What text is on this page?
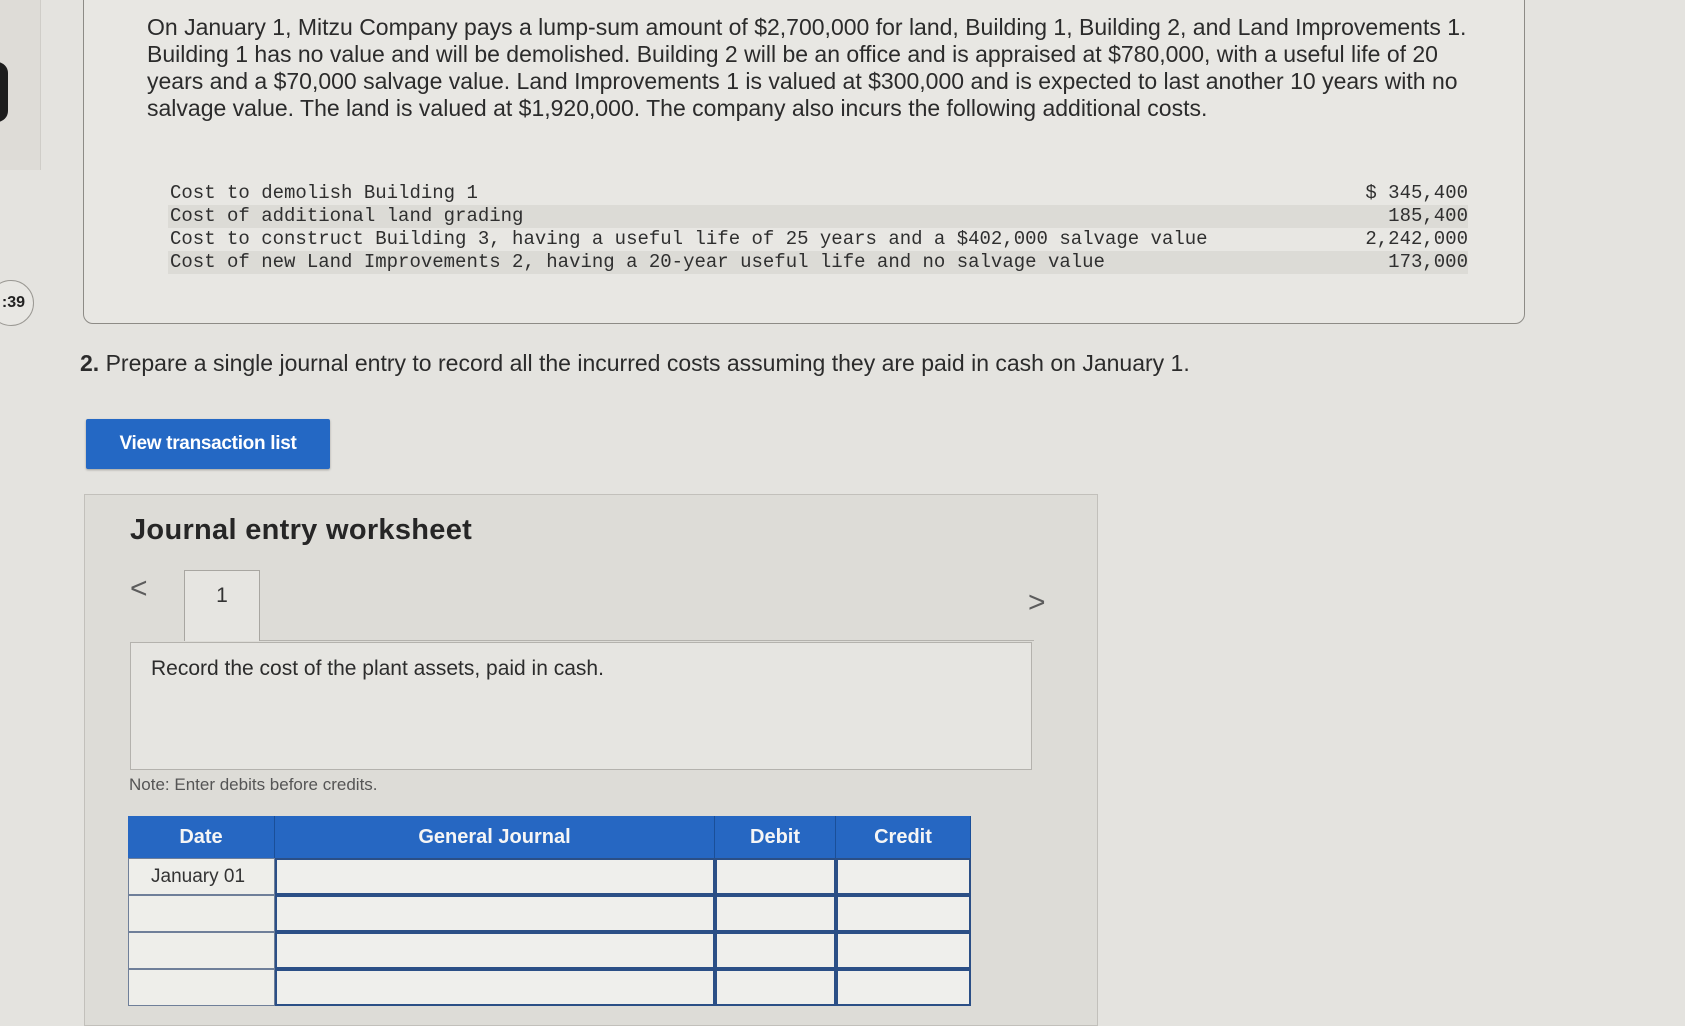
:39
On January 1, Mitzu Company pays a lump-sum amount of $2,700,000 for land, Building 1, Building 2, and Land Improvements 1. Building 1 has no value and will be demolished. Building 2 will be an office and is appraised at $780,000, with a useful life of 20 years and a $70,000 salvage value. Land Improvements 1 is valued at $300,000 and is expected to last another 10 years with no salvage value. The land is valued at $1,920,000. The company also incurs the following additional costs.
Cost to demolish Building 1	$ 345,400
Cost of additional land grading	185,400
Cost to construct Building 3, having a useful life of 25 years and a $402,000 salvage value	2,242,000
Cost of new Land Improvements 2, having a 20-year useful life and no salvage value	173,000
2. Prepare a single journal entry to record all the incurred costs assuming they are paid in cash on January 1.
View transaction list
Journal entry worksheet
<	>
1
Record the cost of the plant assets, paid in cash.
Note: Enter debits before credits.
Date	General Journal	Debit	Credit
January 01
